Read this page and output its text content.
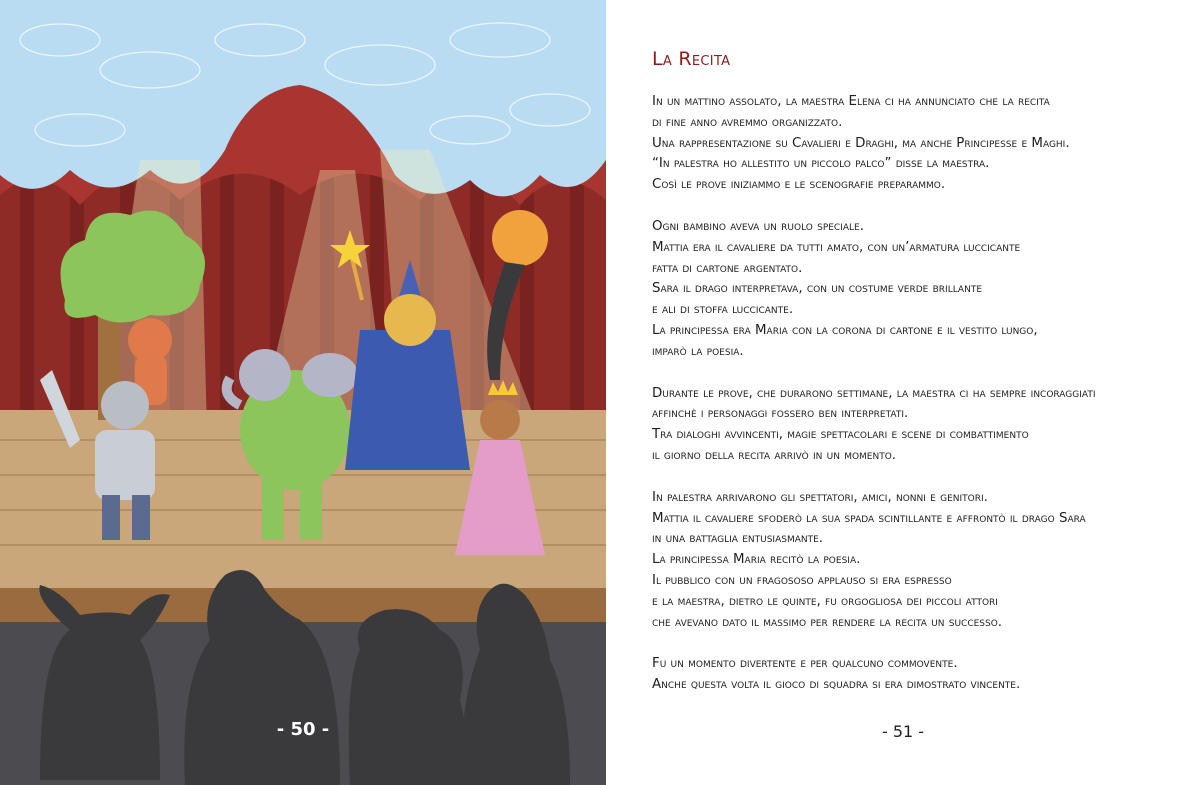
- 50 -
La Recita
In un mattino assolato, la maestra Elena ci ha annunciato che la recita
di fine anno avremmo organizzato.
Una rappresentazione su Cavalieri e Draghi, ma anche Principesse e Maghi.
“In palestra ho allestito un piccolo palco” disse la maestra.
Così le prove iniziammo e le scenografie preparammo.
Ogni bambino aveva un ruolo speciale.
Mattia era il cavaliere da tutti amato, con un’armatura luccicante
fatta di cartone argentato.
Sara il drago interpretava, con un costume verde brillante
e ali di stoffa luccicante.
La principessa era Maria con la corona di cartone e il vestito lungo,
imparò la poesia.
Durante le prove, che durarono settimane, la maestra ci ha sempre incoraggiati
affinchè i personaggi fossero ben interpretati.
Tra dialoghi avvincenti, magie spettacolari e scene di combattimento
il giorno della recita arrivò in un momento.
In palestra arrivarono gli spettatori, amici, nonni e genitori.
Mattia il cavaliere sfoderò la sua spada scintillante e affrontò il drago Sara
in una battaglia entusiasmante.
La principessa Maria recitò la poesia.
Il pubblico con un fragososo applauso si era espresso
e la maestra, dietro le quinte, fu orgogliosa dei piccoli attori
che avevano dato il massimo per rendere la recita un successo.
Fu un momento divertente e per qualcuno commovente.
Anche questa volta il gioco di squadra si era dimostrato vincente.
- 51 -
